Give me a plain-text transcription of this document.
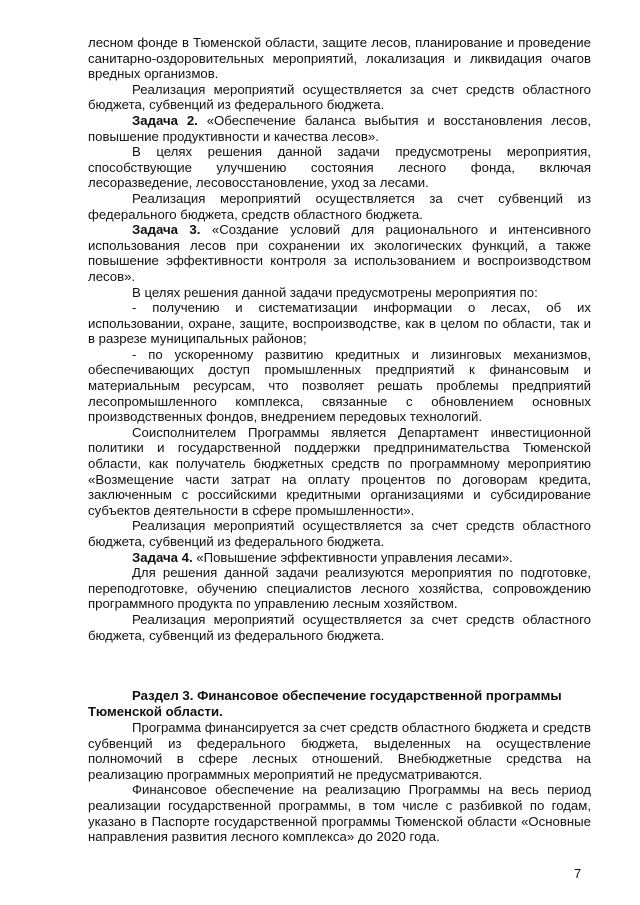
лесном фонде в Тюменской области, защите лесов, планирование и проведение санитарно-оздоровительных мероприятий, локализация и ликвидация очагов вредных организмов.

Реализация мероприятий осуществляется за счет средств областного бюджета, субвенций из федерального бюджета.

Задача 2. «Обеспечение баланса выбытия и восстановления лесов, повышение продуктивности и качества лесов».

В целях решения данной задачи предусмотрены мероприятия, способствующие улучшению состояния лесного фонда, включая лесоразведение, лесовосстановление, уход за лесами.

Реализация мероприятий осуществляется за счет субвенций из федерального бюджета, средств областного бюджета.

Задача 3. «Создание условий для рационального и интенсивного использования лесов при сохранении их экологических функций, а также повышение эффективности контроля за использованием и воспроизводством лесов».

В целях решения данной задачи предусмотрены мероприятия по:

- получению и систематизации информации о лесах, об их использовании, охране, защите, воспроизводстве, как в целом по области, так и в разрезе муниципальных районов;

- по ускоренному развитию кредитных и лизинговых механизмов, обеспечивающих доступ промышленных предприятий к финансовым и материальным ресурсам, что позволяет решать проблемы предприятий лесопромышленного комплекса, связанные с обновлением основных производственных фондов, внедрением передовых технологий.

Соисполнителем Программы является Департамент инвестиционной политики и государственной поддержки предпринимательства Тюменской области, как получатель бюджетных средств по программному мероприятию «Возмещение части затрат на оплату процентов по договорам кредита, заключенным с российскими кредитными организациями и субсидирование субъектов деятельности в сфере промышленности».

Реализация мероприятий осуществляется за счет средств областного бюджета, субвенций из федерального бюджета.

Задача 4. «Повышение эффективности управления лесами».

Для решения данной задачи реализуются мероприятия по подготовке, переподготовке, обучению специалистов лесного хозяйства, сопровождению программного продукта по управлению лесным хозяйством.

Реализация мероприятий осуществляется за счет средств областного бюджета, субвенций из федерального бюджета.

Раздел 3. Финансовое обеспечение государственной программы Тюменской области.

Программа финансируется за счет средств областного бюджета и средств субвенций из федерального бюджета, выделенных на осуществление полномочий в сфере лесных отношений. Внебюджетные средства на реализацию программных мероприятий не предусматриваются.

Финансовое обеспечение на реализацию Программы на весь период реализации государственной программы, в том числе с разбивкой по годам, указано в Паспорте государственной программы Тюменской области «Основные направления развития лесного комплекса» до 2020 года.

7
